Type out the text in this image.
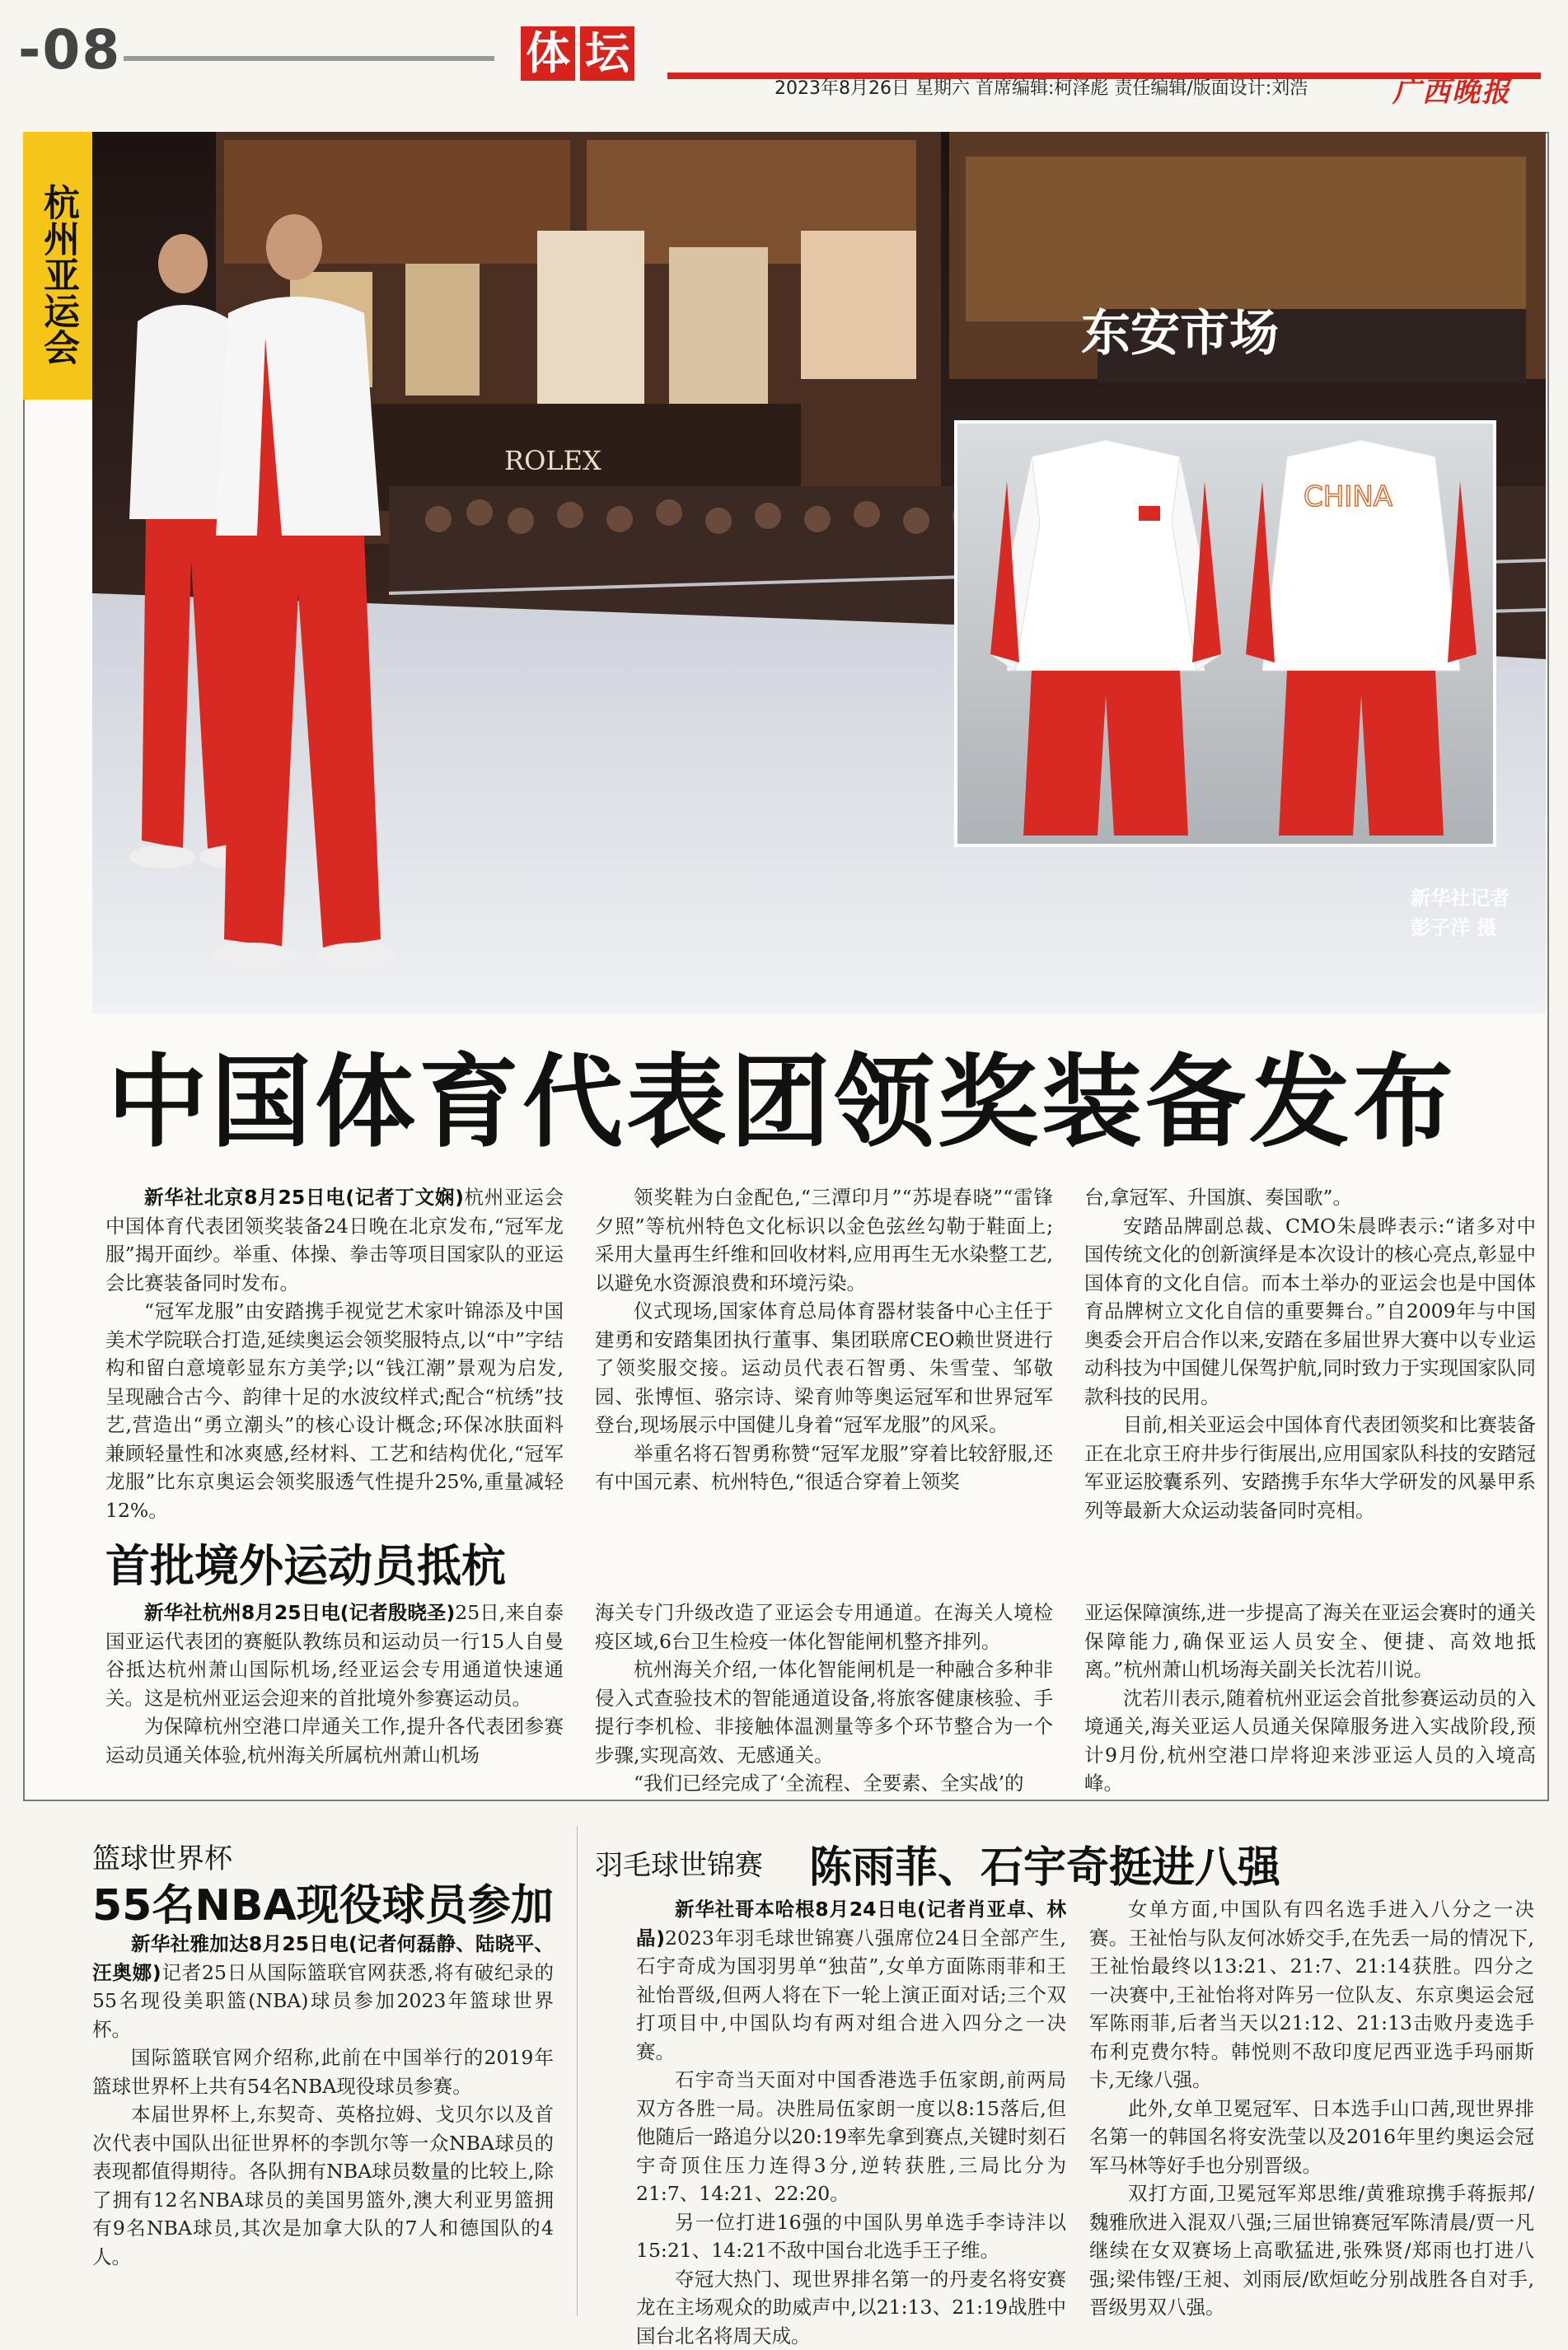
-08	体 坛
2023年8月26日 星期六 首席编辑:柯泽彪 责任编辑/版面设计:刘浩	广西晚报
东安市场
ROLEX
CHINA
新华社记者
彭子洋 摄
杭州亚运会
中国体育代表团领奖装备发布

新华社北京8月25日电(记者丁文娴)杭州亚运会中国体育代表团领奖装备24日晚在北京发布,“冠军龙服”揭开面纱。举重、体操、拳击等项目国家队的亚运会比赛装备同时发布。

“冠军龙服”由安踏携手视觉艺术家叶锦添及中国美术学院联合打造,延续奥运会领奖服特点,以“中”字结构和留白意境彰显东方美学;以“钱江潮”景观为启发,呈现融合古今、韵律十足的水波纹样式;配合“杭绣”技艺,营造出“勇立潮头”的核心设计概念;环保冰肤面料兼顾轻量性和冰爽感,经材料、工艺和结构优化,“冠军龙服”比东京奥运会领奖服透气性提升25%,重量减轻12%。

领奖鞋为白金配色,“三潭印月”“苏堤春晓”“雷锋夕照”等杭州特色文化标识以金色弦丝勾勒于鞋面上;采用大量再生纤维和回收材料,应用再生无水染整工艺,以避免水资源浪费和环境污染。

仪式现场,国家体育总局体育器材装备中心主任于建勇和安踏集团执行董事、集团联席CEO赖世贤进行了领奖服交接。运动员代表石智勇、朱雪莹、邹敬园、张博恒、骆宗诗、梁育帅等奥运冠军和世界冠军登台,现场展示中国健儿身着“冠军龙服”的风采。

举重名将石智勇称赞“冠军龙服”穿着比较舒服,还有中国元素、杭州特色,“很适合穿着上领奖

台,拿冠军、升国旗、奏国歌”。

安踏品牌副总裁、CMO朱晨晔表示:“诸多对中国传统文化的创新演绎是本次设计的核心亮点,彰显中国体育的文化自信。而本土举办的亚运会也是中国体育品牌树立文化自信的重要舞台。”自2009年与中国奥委会开启合作以来,安踏在多届世界大赛中以专业运动科技为中国健儿保驾护航,同时致力于实现国家队同款科技的民用。

目前,相关亚运会中国体育代表团领奖和比赛装备正在北京王府井步行街展出,应用国家队科技的安踏冠军亚运胶囊系列、安踏携手东华大学研发的风暴甲系列等最新大众运动装备同时亮相。

首批境外运动员抵杭

新华社杭州8月25日电(记者殷晓圣)25日,来自泰国亚运代表团的赛艇队教练员和运动员一行15人自曼谷抵达杭州萧山国际机场,经亚运会专用通道快速通关。这是杭州亚运会迎来的首批境外参赛运动员。

为保障杭州空港口岸通关工作,提升各代表团参赛运动员通关体验,杭州海关所属杭州萧山机场

海关专门升级改造了亚运会专用通道。在海关人境检疫区域,6台卫生检疫一体化智能闸机整齐排列。

杭州海关介绍,一体化智能闸机是一种融合多种非侵入式查验技术的智能通道设备,将旅客健康核验、手提行李机检、非接触体温测量等多个环节整合为一个步骤,实现高效、无感通关。

“我们已经完成了‘全流程、全要素、全实战’的

亚运保障演练,进一步提高了海关在亚运会赛时的通关保障能力,确保亚运人员安全、便捷、高效地抵离。”杭州萧山机场海关副关长沈若川说。

沈若川表示,随着杭州亚运会首批参赛运动员的入境通关,海关亚运人员通关保障服务进入实战阶段,预计9月份,杭州空港口岸将迎来涉亚运人员的入境高峰。

篮球世界杯
55名NBA现役球员参加

新华社雅加达8月25日电(记者何磊静、陆晓平、汪奥娜)记者25日从国际篮联官网获悉,将有破纪录的55名现役美职篮(NBA)球员参加2023年篮球世界杯。

国际篮联官网介绍称,此前在中国举行的2019年篮球世界杯上共有54名NBA现役球员参赛。

本届世界杯上,东契奇、英格拉姆、戈贝尔以及首次代表中国队出征世界杯的李凯尔等一众NBA球员的表现都值得期待。各队拥有NBA球员数量的比较上,除了拥有12名NBA球员的美国男篮外,澳大利亚男篮拥有9名NBA球员,其次是加拿大队的7人和德国队的4人。

羽毛球世锦赛 陈雨菲、石宇奇挺进八强

新华社哥本哈根8月24日电(记者肖亚卓、林晶)2023年羽毛球世锦赛八强席位24日全部产生,石宇奇成为国羽男单“独苗”,女单方面陈雨菲和王祉怡晋级,但两人将在下一轮上演正面对话;三个双打项目中,中国队均有两对组合进入四分之一决赛。

石宇奇当天面对中国香港选手伍家朗,前两局双方各胜一局。决胜局伍家朗一度以8:15落后,但他随后一路追分以20:19率先拿到赛点,关键时刻石宇奇顶住压力连得3分,逆转获胜,三局比分为21:7、14:21、22:20。

另一位打进16强的中国队男单选手李诗沣以15:21、14:21不敌中国台北选手王子维。

夺冠大热门、现世界排名第一的丹麦名将安赛龙在主场观众的助威声中,以21:13、21:19战胜中国台北名将周天成。

女单方面,中国队有四名选手进入八分之一决赛。王祉怡与队友何冰娇交手,在先丢一局的情况下,王祉怡最终以13:21、21:7、21:14获胜。四分之一决赛中,王祉怡将对阵另一位队友、东京奥运会冠军陈雨菲,后者当天以21:12、21:13击败丹麦选手布利克费尔特。韩悦则不敌印度尼西亚选手玛丽斯卡,无缘八强。

此外,女单卫冕冠军、日本选手山口茜,现世界排名第一的韩国名将安洗莹以及2016年里约奥运会冠军马林等好手也分别晋级。

双打方面,卫冕冠军郑思维/黄雅琼携手蒋振邦/魏雅欣进入混双八强;三届世锦赛冠军陈清晨/贾一凡继续在女双赛场上高歌猛进,张殊贤/郑雨也打进八强;梁伟铿/王昶、刘雨辰/欧烜屹分别战胜各自对手,晋级男双八强。
